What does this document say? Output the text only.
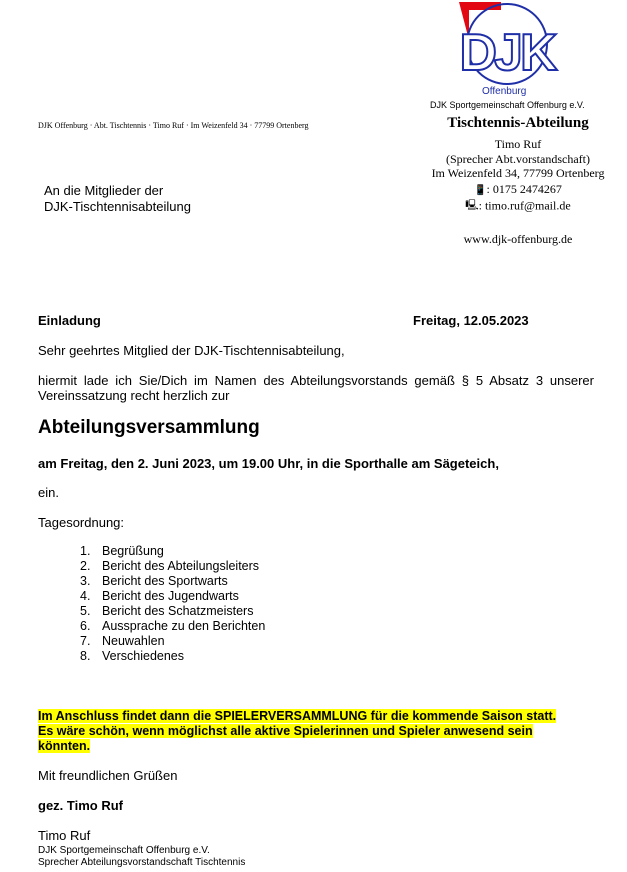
DJK
Offenburg
DJK Sportgemeinschaft Offenburg e.V.
DJK Offenburg · Abt. Tischtennis · Timo Ruf · Im Weizenfeld 34 · 77799 Ortenberg	Tischtennis-Abteilung
Timo Ruf
(Sprecher Abt.vorstandschaft)
Im Weizenfeld 34, 77799 Ortenberg
📱: 0175 2474267
🖳: timo.ruf@mail.de
www.djk-offenburg.de
An die Mitglieder der
DJK-Tischtennisabteilung
Einladung	Freitag, 12.05.2023
Sehr geehrtes Mitglied der DJK-Tischtennisabteilung,
hiermit lade ich Sie/Dich im Namen des Abteilungsvorstands gemäß § 5 Absatz 3 unserer
Vereinssatzung recht herzlich zur
Abteilungsversammlung
am Freitag, den 2. Juni 2023, um 19.00 Uhr, in die Sporthalle am Sägeteich,
ein.
Tagesordnung:
1. Begrüßung
2. Bericht des Abteilungsleiters
3. Bericht des Sportwarts
4. Bericht des Jugendwarts
5. Bericht des Schatzmeisters
6. Aussprache zu den Berichten
7. Neuwahlen
8. Verschiedenes
Im Anschluss findet dann die SPIELERVERSAMMLUNG für die kommende Saison statt.
Es wäre schön, wenn möglichst alle aktive Spielerinnen und Spieler anwesend sein
könnten.
Mit freundlichen Grüßen
gez. Timo Ruf
Timo Ruf
DJK Sportgemeinschaft Offenburg e.V.
Sprecher Abteilungsvorstandschaft Tischtennis
